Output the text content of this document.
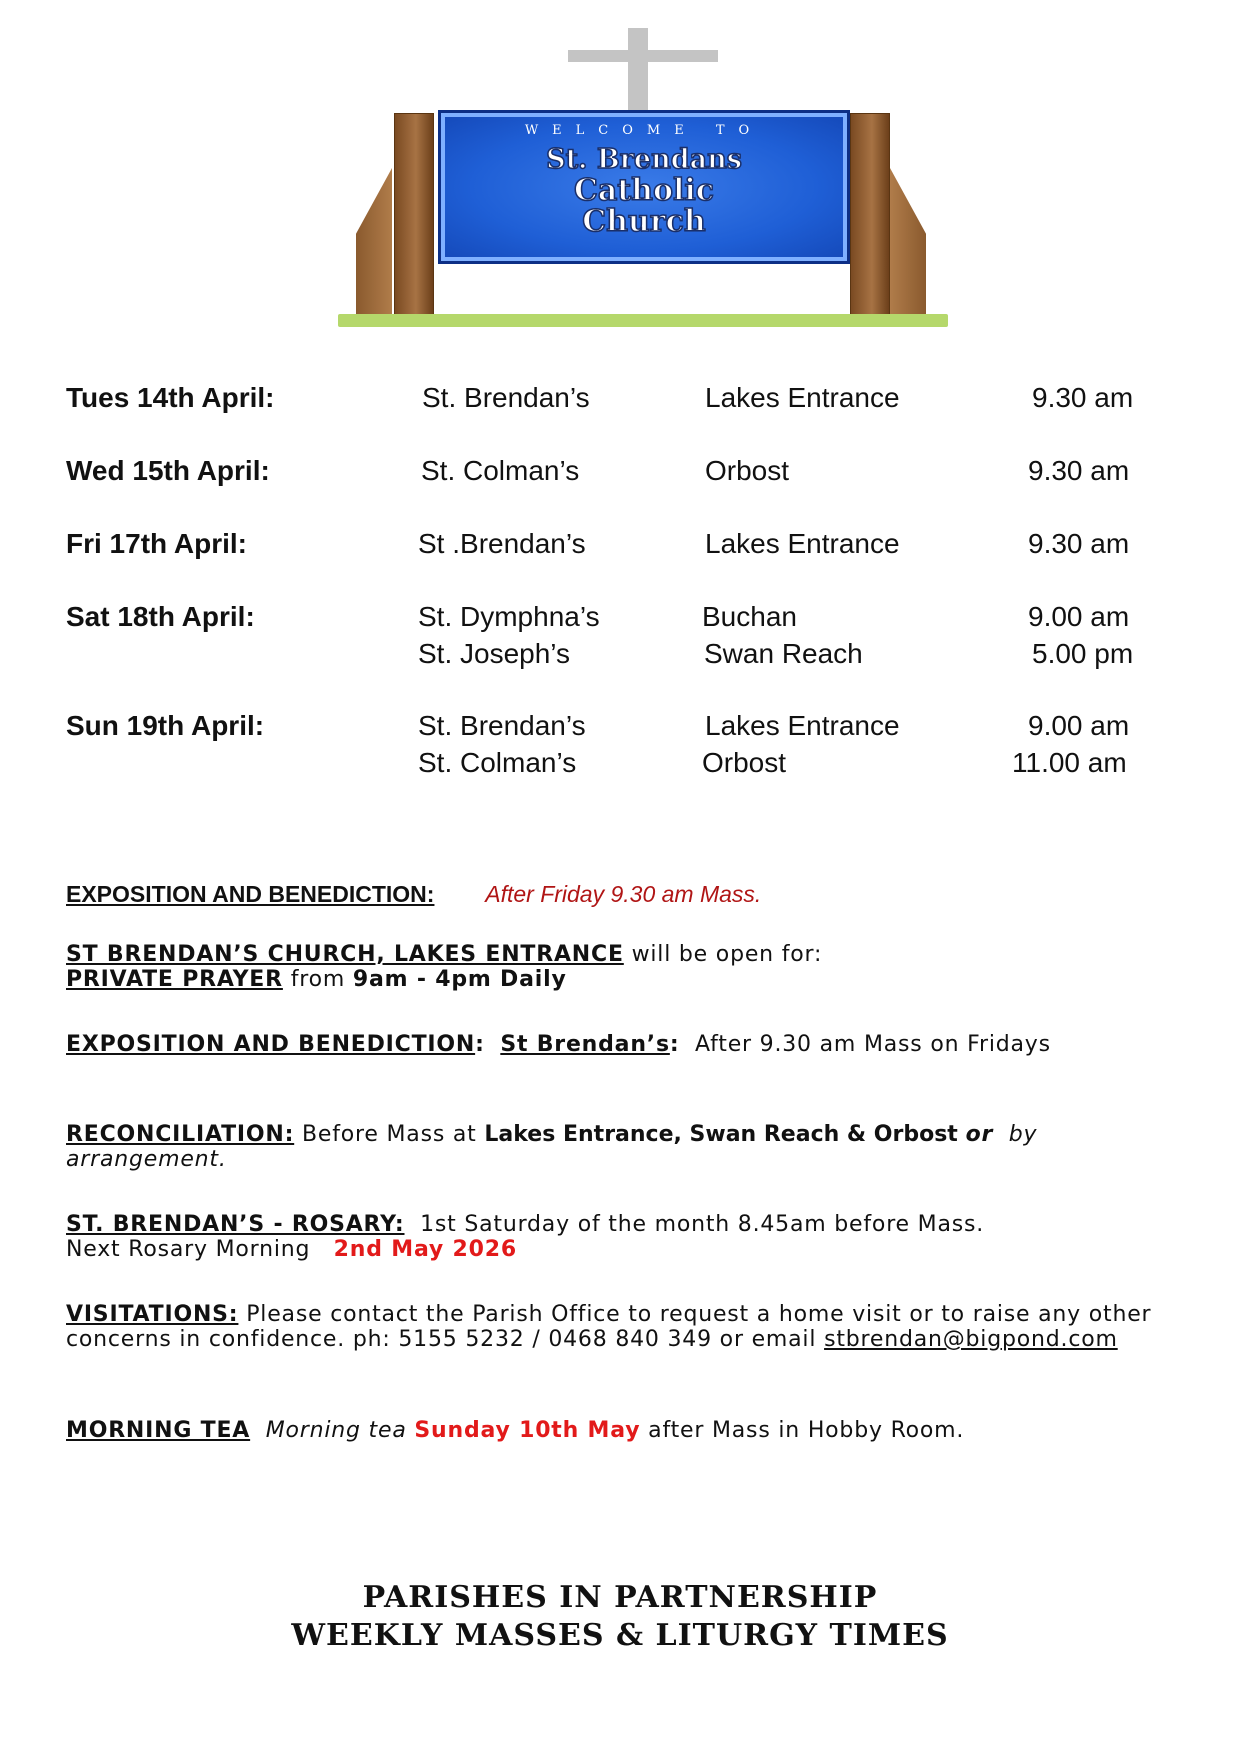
WELCOME TO
St. Brendans
Catholic
Church
Tues 14th April:	St. Brendan’s	Lakes Entrance	9.30 am
Wed 15th April:	St. Colman’s	Orbost	9.30 am
Fri 17th April:	St .Brendan’s	Lakes Entrance	9.30 am
Sat 18th April:	St. Dymphna’s	Buchan	9.00 am
St. Joseph’s	Swan Reach	5.00 pm
Sun 19th April:	St. Brendan’s	Lakes Entrance	9.00 am
St. Colman’s	Orbost	11.00 am
EXPOSITION AND BENEDICTION: After Friday 9.30 am Mass.
ST BRENDAN’S CHURCH, LAKES ENTRANCE will be open for:
PRIVATE PRAYER from 9am - 4pm Daily
EXPOSITION AND BENEDICTION: St Brendan’s: After 9.30 am Mass on Fridays
RECONCILIATION: Before Mass at Lakes Entrance, Swan Reach & Orbost or by arrangement.
ST. BRENDAN’S - ROSARY: 1st Saturday of the month 8.45am before Mass.
Next Rosary Morning 2nd May 2026
VISITATIONS: Please contact the Parish Office to request a home visit or to raise any other concerns in confidence. ph: 5155 5232 / 0468 840 349 or email stbrendan@bigpond.com
MORNING TEA Morning tea Sunday 10th May after Mass in Hobby Room.
PARISHES IN PARTNERSHIP
WEEKLY MASSES & LITURGY TIMES
